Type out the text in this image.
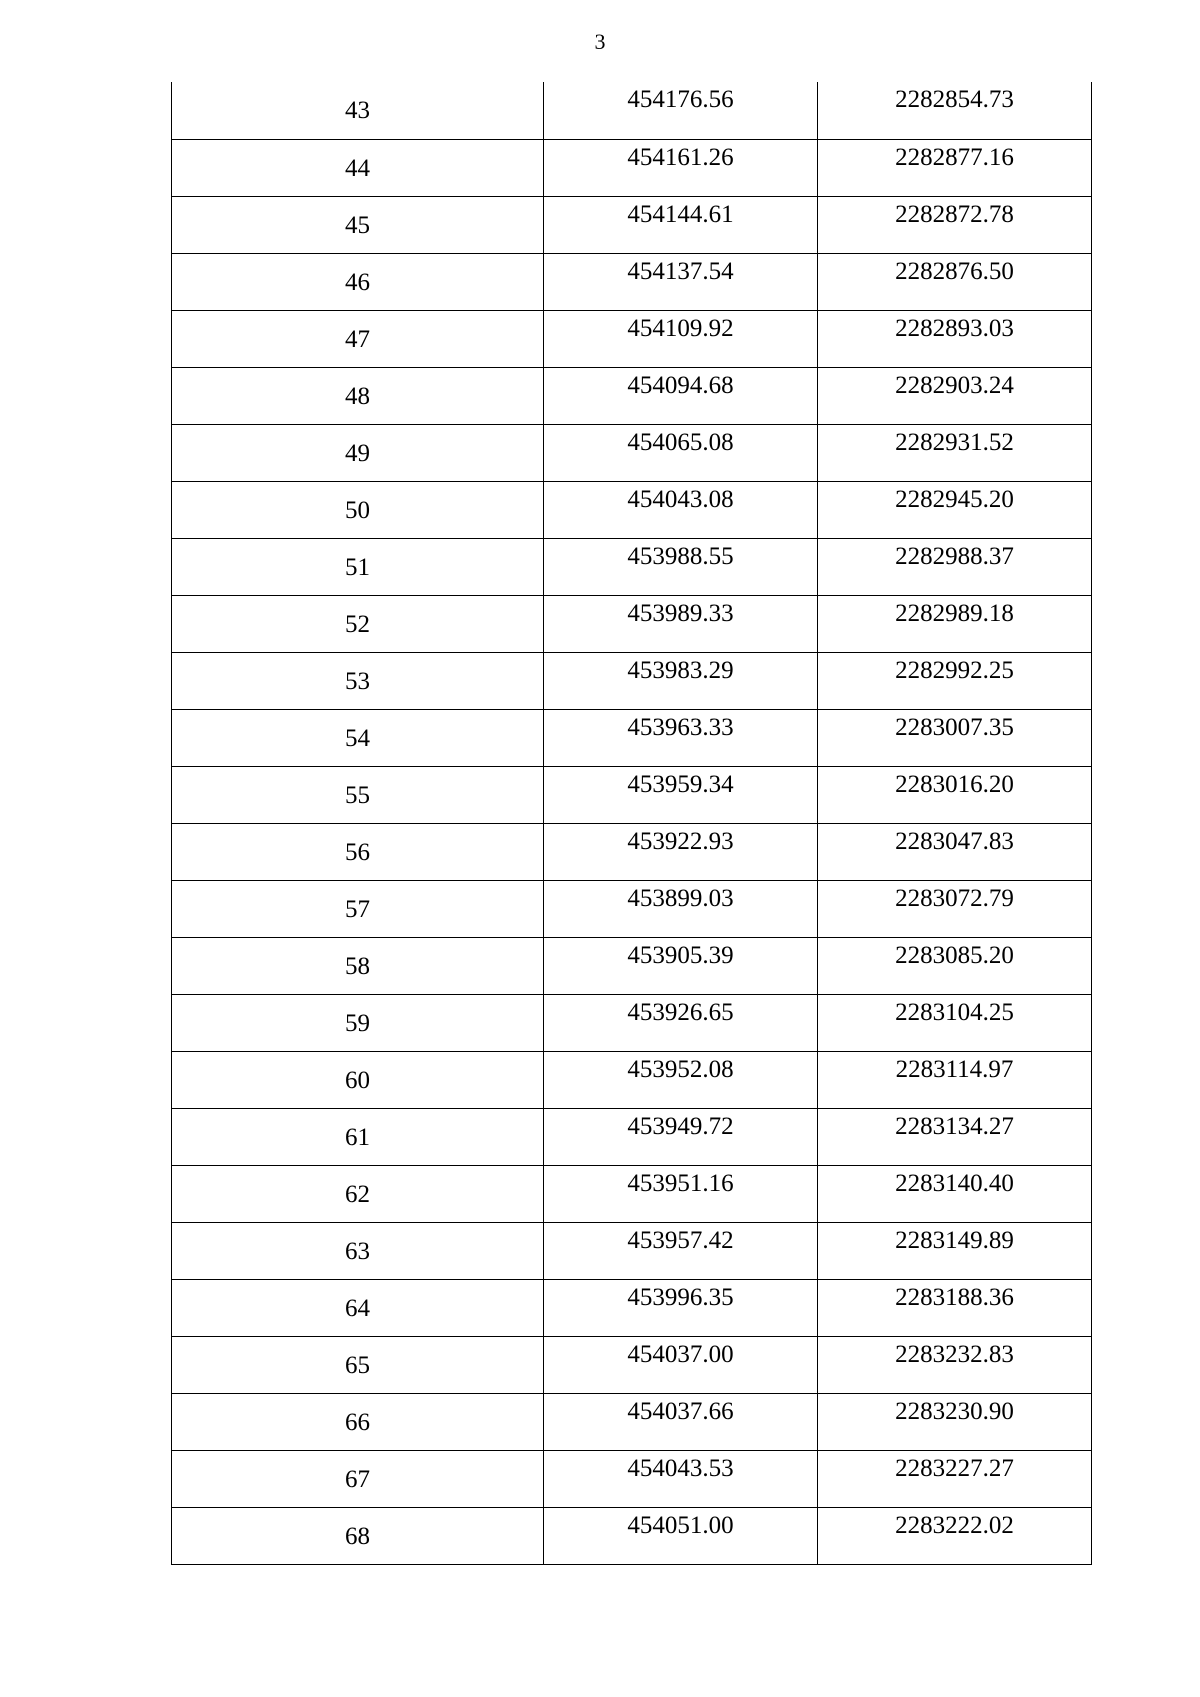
3
43	454176.56	2282854.73
44	454161.26	2282877.16
45	454144.61	2282872.78
46	454137.54	2282876.50
47	454109.92	2282893.03
48	454094.68	2282903.24
49	454065.08	2282931.52
50	454043.08	2282945.20
51	453988.55	2282988.37
52	453989.33	2282989.18
53	453983.29	2282992.25
54	453963.33	2283007.35
55	453959.34	2283016.20
56	453922.93	2283047.83
57	453899.03	2283072.79
58	453905.39	2283085.20
59	453926.65	2283104.25
60	453952.08	2283114.97
61	453949.72	2283134.27
62	453951.16	2283140.40
63	453957.42	2283149.89
64	453996.35	2283188.36
65	454037.00	2283232.83
66	454037.66	2283230.90
67	454043.53	2283227.27
68	454051.00	2283222.02
